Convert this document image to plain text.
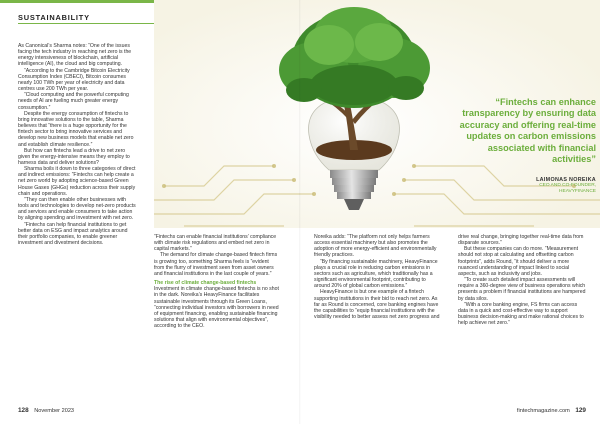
SUSTAINABILITY

As Canonical’s Sharma notes: “One of the issues facing the tech industry in reaching net zero is the energy intensiveness of blockchain, artificial intelligence (AI), the cloud and big computing.

“According to the Cambridge Bitcoin Electricity Consumption Index (CBECI), Bitcoin consumes nearly 100 TWh per year of electricity and data centres use 200 TWh per year.

“Cloud computing and the powerful computing needs of AI are fueling much greater energy consumption.”

Despite the energy consumption of fintechs to bring innovative solutions to the table, Sharma believes that “there is a huge opportunity for the fintech sector to bring innovative services and develop new business models that enable net zero and establish climate resilience.”

But how can fintechs lead a drive to net zero given the energy-intensive means they employ to harness data and deliver solutions?

Sharma boils it down to three categories of direct and indirect emissions: “Fintechs can help create a net zero world by adopting science-based Green House Gases (GHGs) reduction across their supply chain and operations.

“They can then enable other businesses with tools and technologies to develop net-zero products and services and enable consumers to take action by aligning spending and investment with net zero.

“Fintechs can help financial institutions to get better data on ESG and impact analytics around their portfolio companies, to enable greener investment and divestment decisions.

“Fintechs can enhance transparency by ensuring data accuracy and offering real-time updates on carbon emissions associated with financial activities”
LAIMONAS NOREIKA
CEO AND CO-FOUNDER,
HEAVYFINANCE

“Fintechs can enable financial institutions’ compliance with climate risk regulations and embed net zero in capital markets.”

The demand for climate change-based fintech firms is growing too, something Sharma feels is “evident from the flurry of investment seen from asset owners and financial institutions in the last couple of years.”

The rise of climate change-based fintechs

Investment in climate change-based fintechs is no shot in the dark. Noreika’s HeavyFinance facilitates sustainable investments through its Green Loans, “connecting individual investors with borrowers in need of equipment financing, enabling sustainable financing solutions that align with environmental objectives”, according to the CEO.

Noreika adds: “The platform not only helps farmers access essential machinery but also promotes the adoption of more energy-efficient and environmentally friendly practices.

“By financing sustainable machinery, HeavyFinance plays a crucial role in reducing carbon emissions in sectors such as agriculture, which traditionally has a significant environmental footprint, contributing to around 20% of global carbon emissions.”

HeavyFinance is but one example of a fintech supporting institutions in their bid to reach net zero. As far as Round is concerned, core banking engines have the capabilities to “equip financial institutions with the visibility needed to better assess net zero progress and

drive real change, bringing together real-time data from disparate sources.”

But these companies can do more. “Measurement should not stop at calculating and offsetting carbon footprints”, adds Round, “it should deliver a more nuanced understanding of impact linked to social aspects, such as inclusivity and jobs.

“To create such detailed impact assessments will require a 360-degree view of business operations which presents a problem if financial institutions are hampered by data silos.

“With a core banking engine, FS firms can access data in a quick and cost-effective way to support business decision-making and make rational choices to help achieve net zero.”

128 November 2023	fintechmagazine.com 129
